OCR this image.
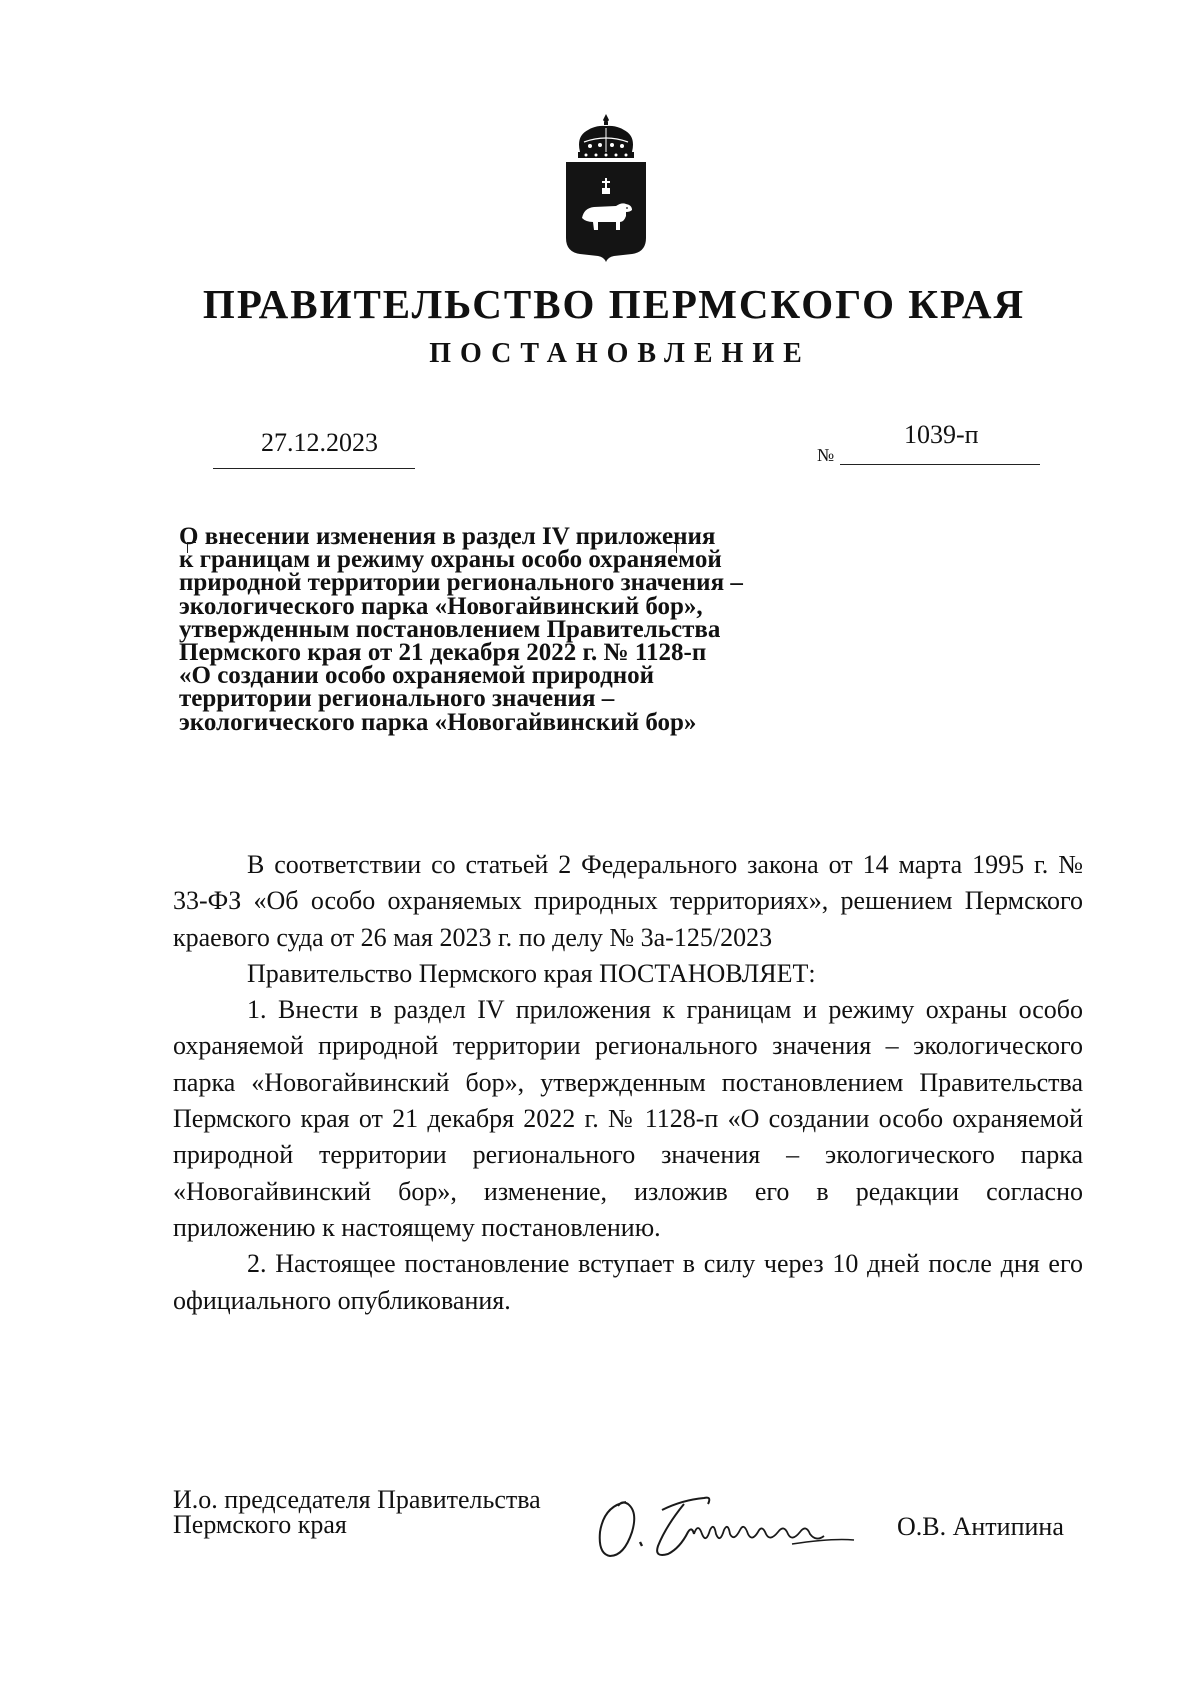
ПРАВИТЕЛЬСТВО ПЕРМСКОГО КРАЯ
ПОСТАНОВЛЕНИЕ
27.12.2023	№
1039-п
О внесении изменения в раздел IV приложения
к границам и режиму охраны особо охраняемой
природной территории регионального значения –
экологического парка «Новогайвинский бор»,
утвержденным постановлением Правительства
Пермского края от 21 декабря 2022 г. № 1128-п
«О создании особо охраняемой природной
территории регионального значения –
экологического парка «Новогайвинский бор»

В соответствии со статьей 2 Федерального закона от 14 марта 1995 г. № 33-ФЗ «Об особо охраняемых природных территориях», решением Пермского краевого суда от 26 мая 2023 г. по делу № 3а-125/2023

Правительство Пермского края ПОСТАНОВЛЯЕТ:

1. Внести в раздел IV приложения к границам и режиму охраны особо охраняемой природной территории регионального значения – экологического парка «Новогайвинский бор», утвержденным постановлением Правительства Пермского края от 21 декабря 2022 г. № 1128-п «О создании особо охраняемой природной территории регионального значения – экологического парка «Новогайвинский бор», изменение, изложив его в редакции согласно приложению к настоящему постановлению.

2. Настоящее постановление вступает в силу через 10 дней после дня его официального опубликования.

И.о. председателя Правительства
Пермского края	О.В. Антипина
